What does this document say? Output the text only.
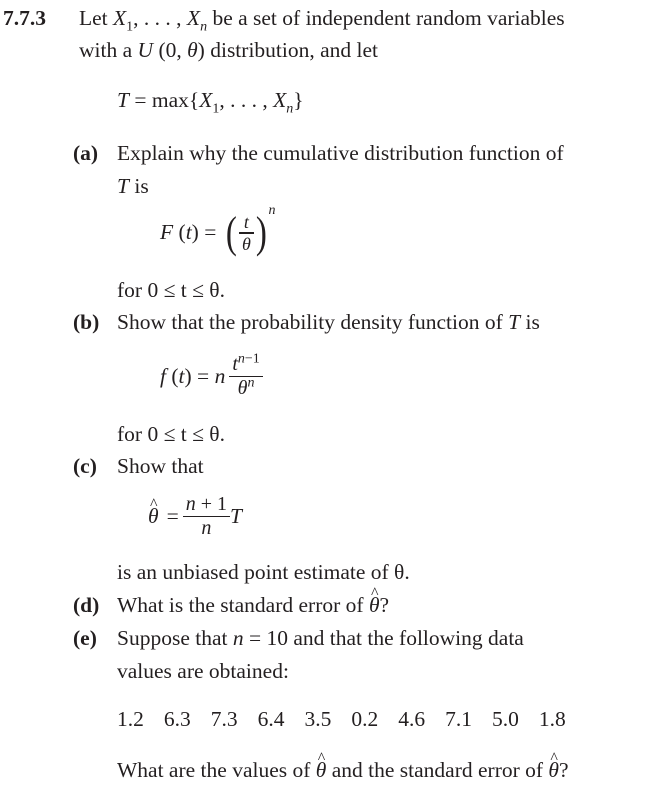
7.7.3 Let $X_1$, . . . , $X_n$ be a set of independent random variables
with a U (0, θ) distribution, and let
$T = \max\{X_1$, . . . , $X_n$}
(a) Explain why the cumulative distribution function of
T is
F (t) = ( $\frac{t}{\theta} )^n$
for 0 ≤ t ≤ θ.
(b) Show that the probability density function of T is
f (t) = n $\frac{t^{n-1}}{\theta^n}$
for 0 ≤ t ≤ θ.
(c) Show that
^ $\theta = \frac{n + 1}{n}$ T
is an unbiased point estimate of θ.
(d) What is the standard error of ^ θ?
(e) Suppose that n = 10 and that the following data
values are obtained:
1.2 6.3 7.3 6.4 3.5 0.2 4.6 7.1 5.0 1.8
What are the values of ^ θ and the standard error of ^ θ?
